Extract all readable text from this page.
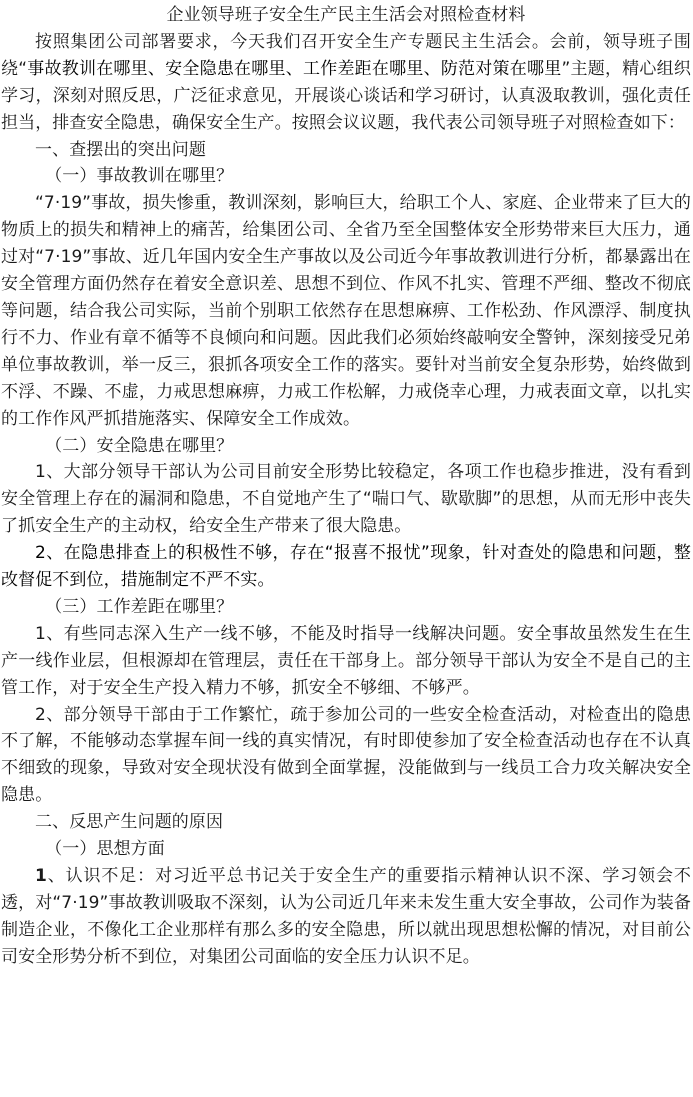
企业领导班子安全生产民主生活会对照检查材料

按照集团公司部署要求，今天我们召开安全生产专题民主生活会。会前，领导班子围绕“事故教训在哪里、安全隐患在哪里、工作差距在哪里、防范对策在哪里”主题，精心组织学习，深刻对照反思，广泛征求意见，开展谈心谈话和学习研讨，认真汲取教训，强化责任担当，排查安全隐患，确保安全生产。按照会议议题，我代表公司领导班子对照检查如下：

一、查摆出的突出问题

（一）事故教训在哪里？

“7·19”事故，损失惨重，教训深刻，影响巨大，给职工个人、家庭、企业带来了巨大的物质上的损失和精神上的痛苦，给集团公司、全省乃至全国整体安全形势带来巨大压力，通过对“7·19”事故、近几年国内安全生产事故以及公司近今年事故教训进行分析，都暴露出在安全管理方面仍然存在着安全意识差、思想不到位、作风不扎实、管理不严细、整改不彻底等问题，结合我公司实际，当前个别职工依然存在思想麻痹、工作松劲、作风漂浮、制度执行不力、作业有章不循等不良倾向和问题。因此我们必须始终敲响安全警钟，深刻接受兄弟单位事故教训，举一反三，狠抓各项安全工作的落实。要针对当前安全复杂形势，始终做到不浮、不躁、不虚，力戒思想麻痹，力戒工作松解，力戒侥幸心理，力戒表面文章，以扎实的工作作风严抓措施落实、保障安全工作成效。

（二）安全隐患在哪里？

1、大部分领导干部认为公司目前安全形势比较稳定，各项工作也稳步推进，没有看到安全管理上存在的漏洞和隐患，不自觉地产生了“喘口气、歇歇脚”的思想，从而无形中丧失了抓安全生产的主动权，给安全生产带来了很大隐患。

2、在隐患排查上的积极性不够，存在“报喜不报忧”现象，针对查处的隐患和问题，整改督促不到位，措施制定不严不实。

（三）工作差距在哪里？

1、有些同志深入生产一线不够，不能及时指导一线解决问题。安全事故虽然发生在生产一线作业层，但根源却在管理层，责任在干部身上。部分领导干部认为安全不是自己的主管工作，对于安全生产投入精力不够，抓安全不够细、不够严。

2、部分领导干部由于工作繁忙，疏于参加公司的一些安全检查活动，对检查出的隐患不了解，不能够动态掌握车间一线的真实情况，有时即使参加了安全检查活动也存在不认真不细致的现象，导致对安全现状没有做到全面掌握，没能做到与一线员工合力攻关解决安全隐患。

二、反思产生问题的原因

（一）思想方面

1、认识不足：对习近平总书记关于安全生产的重要指示精神认识不深、学习领会不透，对“7·19”事故教训吸取不深刻，认为公司近几年来未发生重大安全事故，公司作为装备制造企业，不像化工企业那样有那么多的安全隐患，所以就出现思想松懈的情况，对目前公司安全形势分析不到位，对集团公司面临的安全压力认识不足。
